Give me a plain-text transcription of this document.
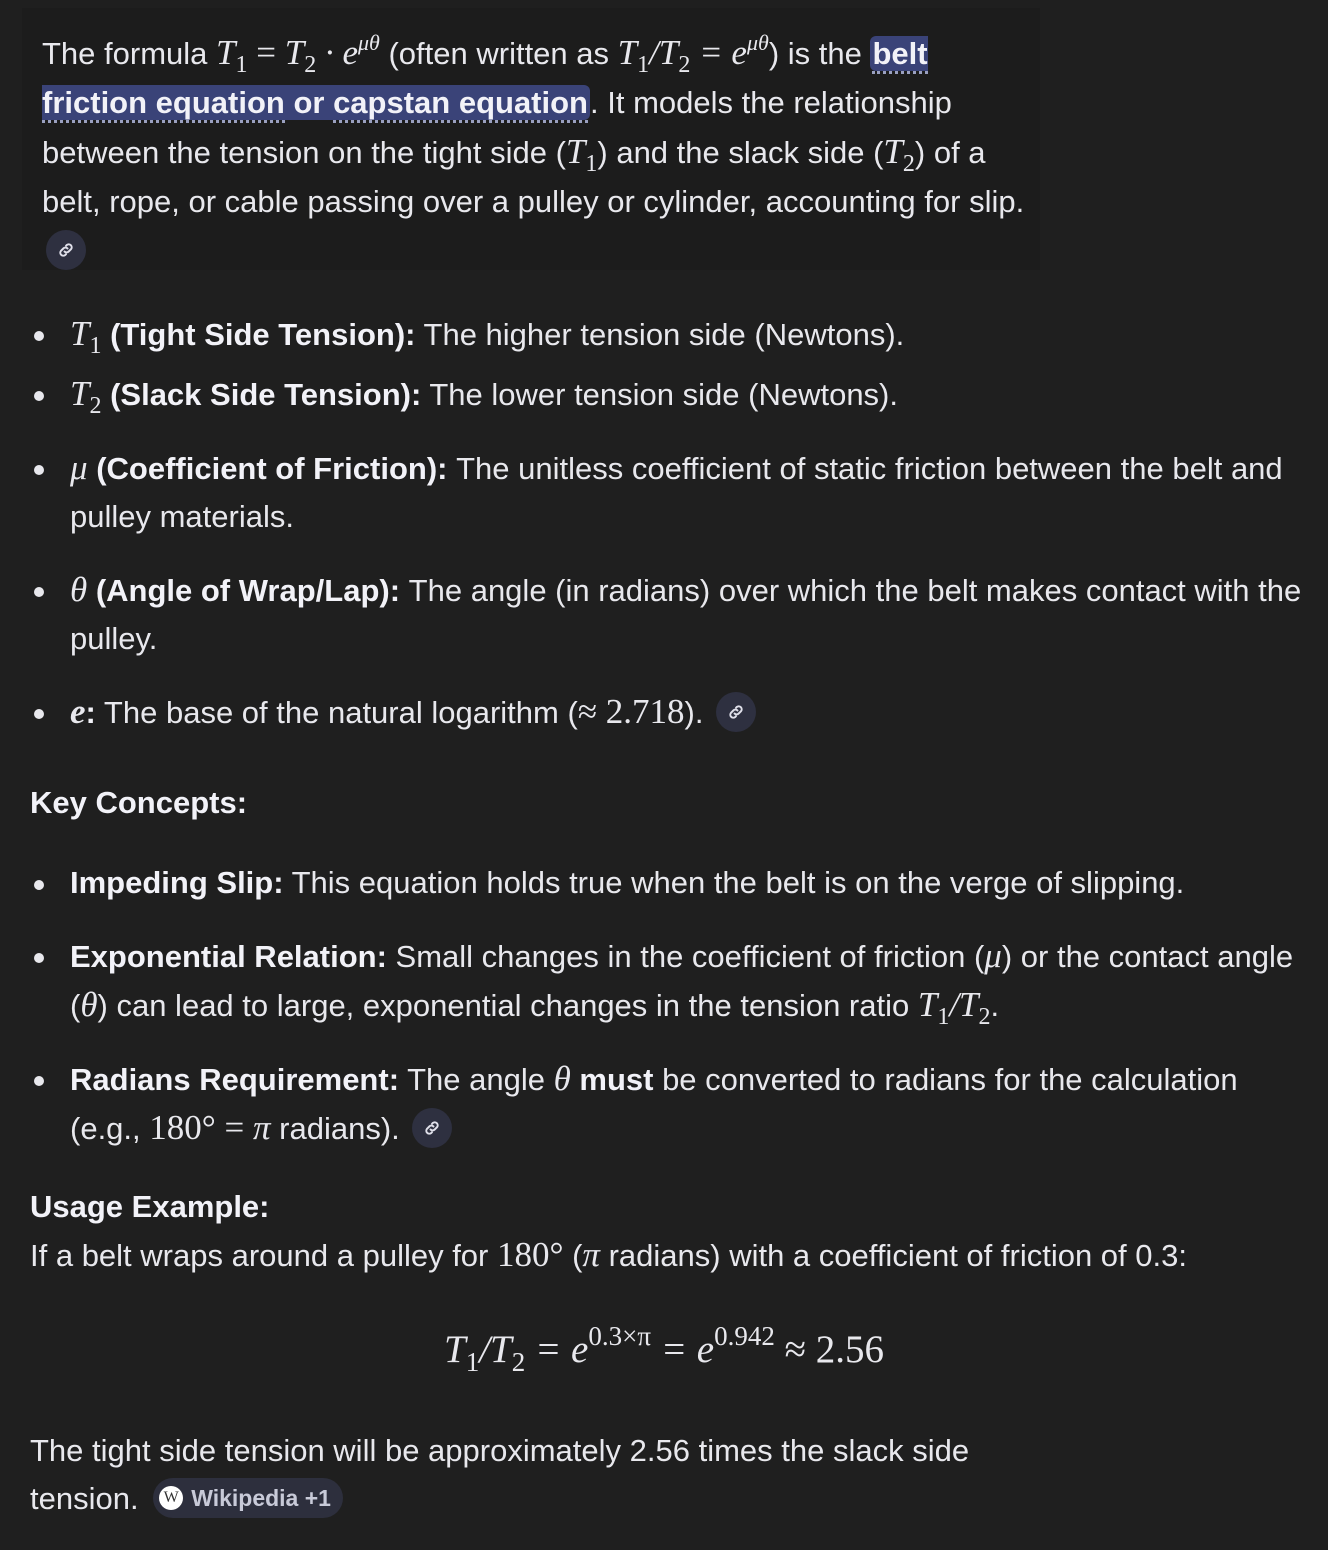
The formula $T_1 = T_2 \cdot e^{\mu\theta}$ (often written as $T_1/T_2 = e^{\mu\theta}$) is the belt friction equation or capstan equation. It models the relationship between the tension on the tight side $(T_1)$ and the slack side $(T_2)$ of a belt, rope, or cable passing over a pulley or cylinder, accounting for slip.
$T_1$ (Tight Side Tension): The higher tension side (Newtons).
$T_2$ (Slack Side Tension): The lower tension side (Newtons).
μ (Coefficient of Friction): The unitless coefficient of static friction between the belt and pulley materials.
θ (Angle of Wrap/Lap): The angle (in radians) over which the belt makes contact with the pulley.
e: The base of the natural logarithm (≈ 2.718).
Key Concepts:
Impeding Slip: This equation holds true when the belt is on the verge of slipping.
Exponential Relation: Small changes in the coefficient of friction (μ) or the contact angle (θ) can lead to large, exponential changes in the tension ratio $T_1/T_2$.
Radians Requirement: The angle θ must be converted to radians for the calculation (e.g., 180° = π radians).
Usage Example:
If a belt wraps around a pulley for 180° (π radians) with a coefficient of friction of 0.3:
$T_1/T_2 = e^{0.3\times\pi} = e^{0.942} \approx 2.56$
The tight side tension will be approximately 2.56 times the slack side tension. W Wikipedia +1
